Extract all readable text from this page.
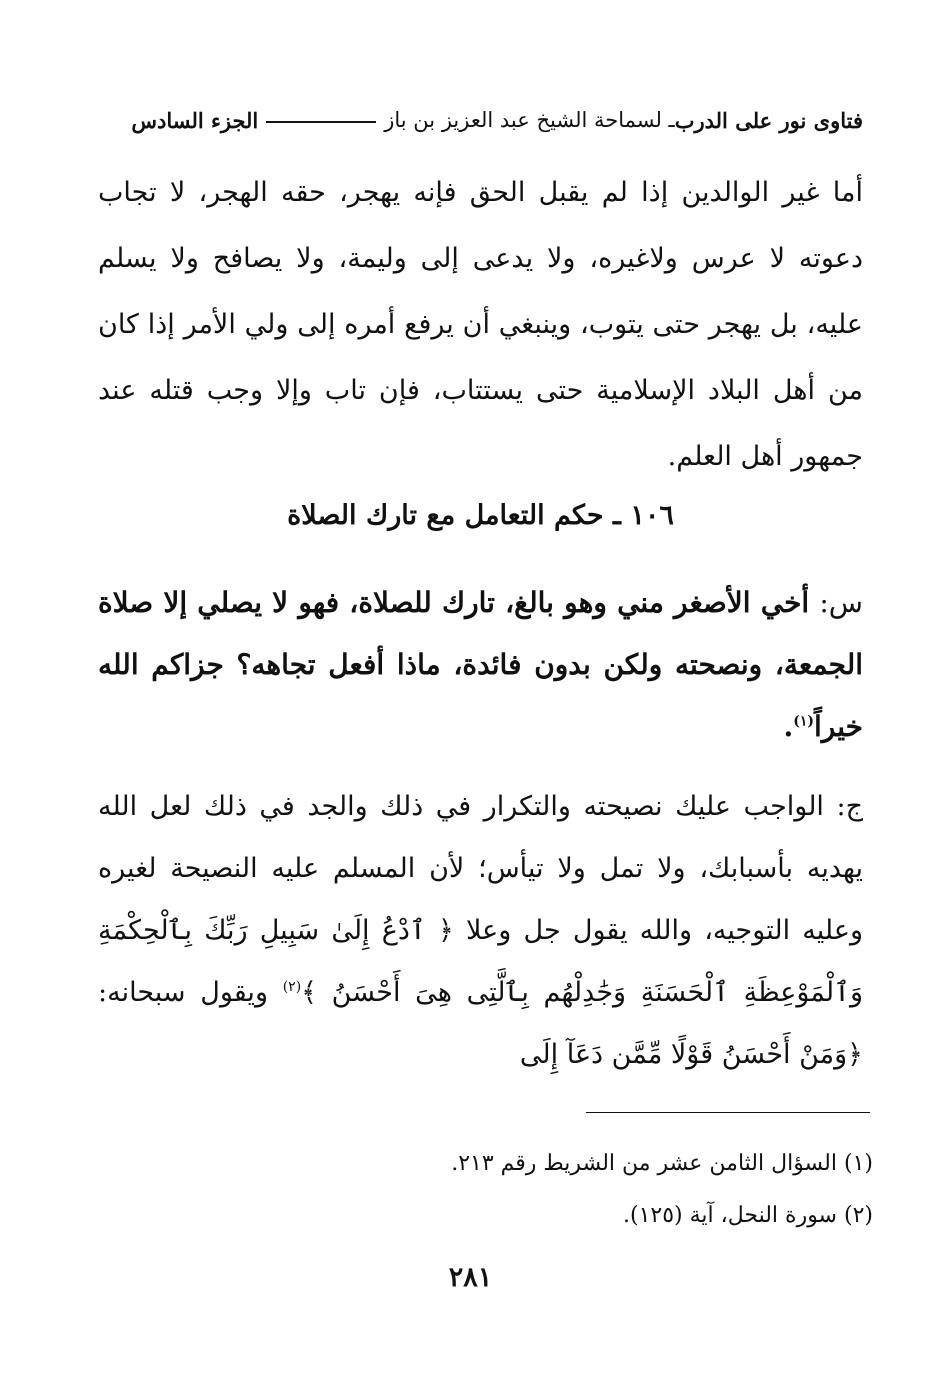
فتاوى نور على الدرب
ـ لسماحة الشيخ عبد العزيز بن باز
الجزء السادس

أما غير الوالدين إذا لم يقبل الحق فإنه يهجر، حقه الهجر، لا تجاب دعوته لا عرس ولاغيره، ولا يدعى إلى وليمة، ولا يصافح ولا يسلم عليه، بل يهجر حتى يتوب، وينبغي أن يرفع أمره إلى ولي الأمر إذا كان من أهل البلاد الإسلامية حتى يستتاب، فإن تاب وإلا وجب قتله عند جمهور أهل العلم.

١٠٦ ـ حكم التعامل مع تارك الصلاة

س: أخي الأصغر مني وهو بالغ، تارك للصلاة، فهو لا يصلي إلا صلاة الجمعة، ونصحته ولكن بدون فائدة، ماذا أفعل تجاهه؟ جزاكم الله خيراً$^{(١)}$.

ج: الواجب عليك نصيحته والتكرار في ذلك والجد في ذلك لعل الله يهديه بأسبابك، ولا تمل ولا تيأس؛ لأن المسلم عليه النصيحة لغيره وعليه التوجيه، والله يقول جل وعلا ﴿ ٱدْعُ إِلَىٰ سَبِيلِ رَبِّكَ بِٱلْحِكْمَةِ وَٱلْمَوْعِظَةِ ٱلْحَسَنَةِ وَجَٰدِلْهُم بِٱلَّتِى هِىَ أَحْسَنُ ﴾$^{(٢)}$ ويقول سبحانه: ﴿وَمَنْ أَحْسَنُ قَوْلًا مِّمَّن دَعَآ إِلَى

(١) السؤال الثامن عشر من الشريط رقم ٢١٣.

(٢) سورة النحل، آية (١٢٥).

٢٨١
